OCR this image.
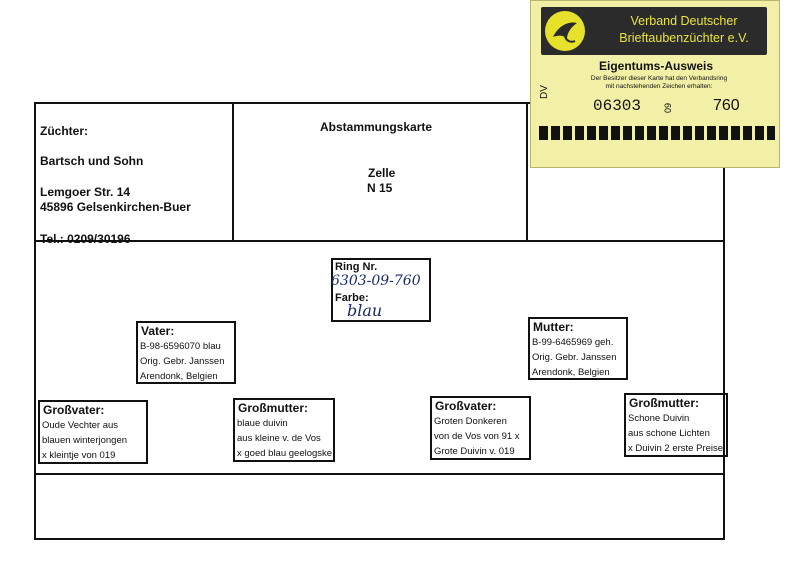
Züchter:
Bartsch und Sohn
Lemgoer Str. 14
45896 Gelsenkirchen-Buer
Tel.: 0209/30196
Abstammungskarte
Zelle
N 15
Verband Deutscher
Brieftaubenzüchter e.V.
Eigentums-Ausweis
Der Besitzer dieser Karte hat den Verbandsring
mit nachstehenden Zeichen erhalten:
DV
06303 09 760
Ring Nr.
6303-09-760
Farbe:
blau
Vater:
B-98-6596070 blau
Orig. Gebr. Janssen
Arendonk, Belgien
Mutter:
B-99-6465969 geh.
Orig. Gebr. Janssen
Arendonk, Belgien
Großvater:
Oude Vechter aus
blauen winterjongen
x kleintje von 019
Großmutter:
blaue duivin
aus kleine v. de Vos
x goed blau geelogske
Großvater:
Groten Donkeren
von de Vos von 91 x
Grote Duivin v. 019
Großmutter:
Schone Duivin
aus schone Lichten
x Duivin 2 erste Preise
